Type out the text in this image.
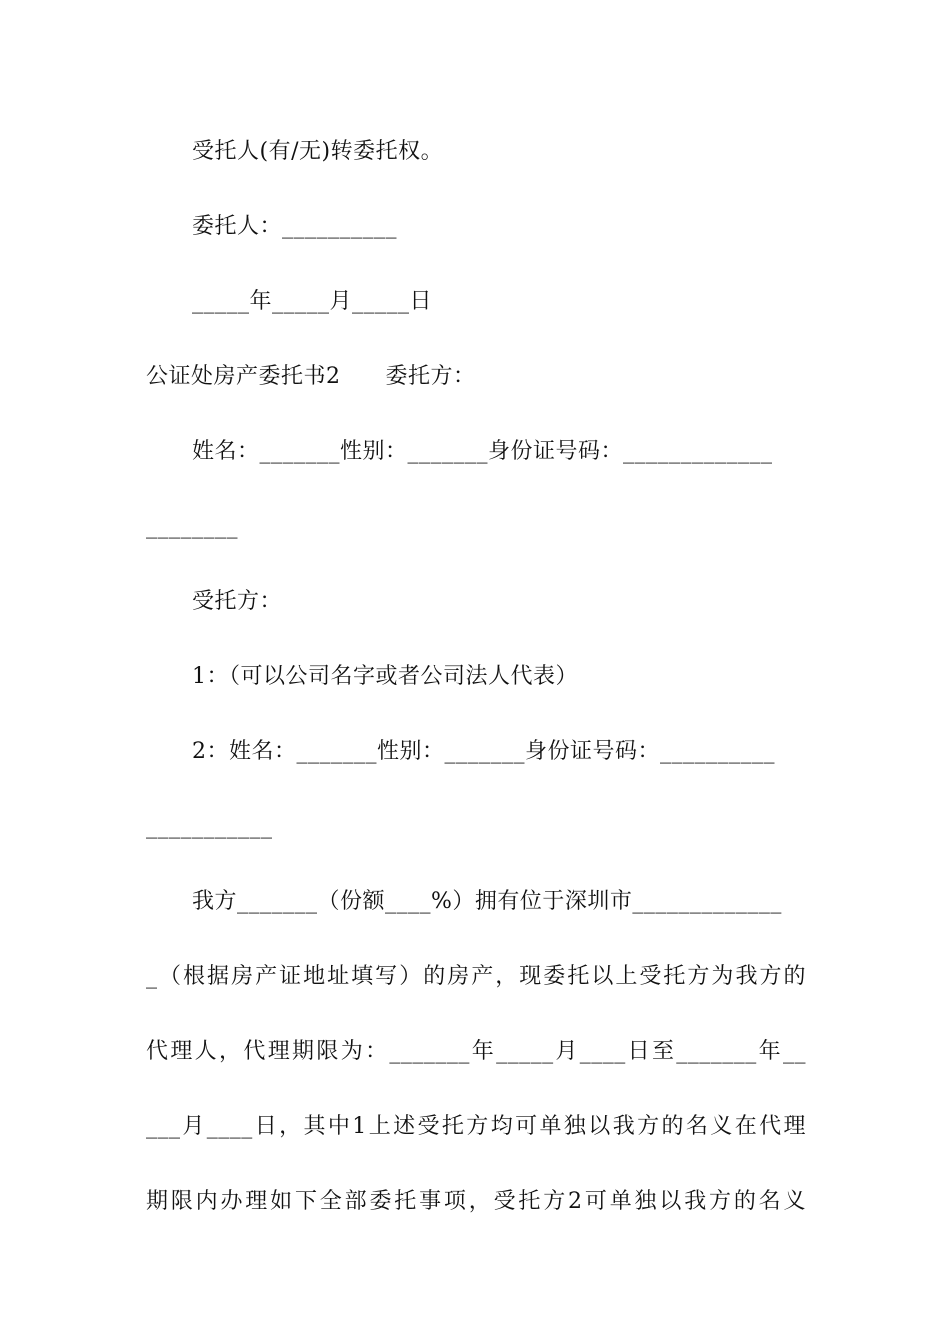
受托人(有/无)转委托权。
委托人：__________
_____年_____月_____日
公证处房产委托书2　　委托方：
姓名：_______性别：_______身份证号码：_____________
________
受托方：
1：（可以公司名字或者公司法人代表）
2：姓名：_______性别：_______身份证号码：__________
___________
我方_______（份额____%）拥有位于深圳市_____________
_（根据房产证地址填写）的房产，现委托以上受托方为我方的
代理人，代理期限为：_______年_____月____日至_______年__
___月____日，其中1上述受托方均可单独以我方的名义在代理
期限内办理如下全部委托事项，受托方2可单独以我方的名义
